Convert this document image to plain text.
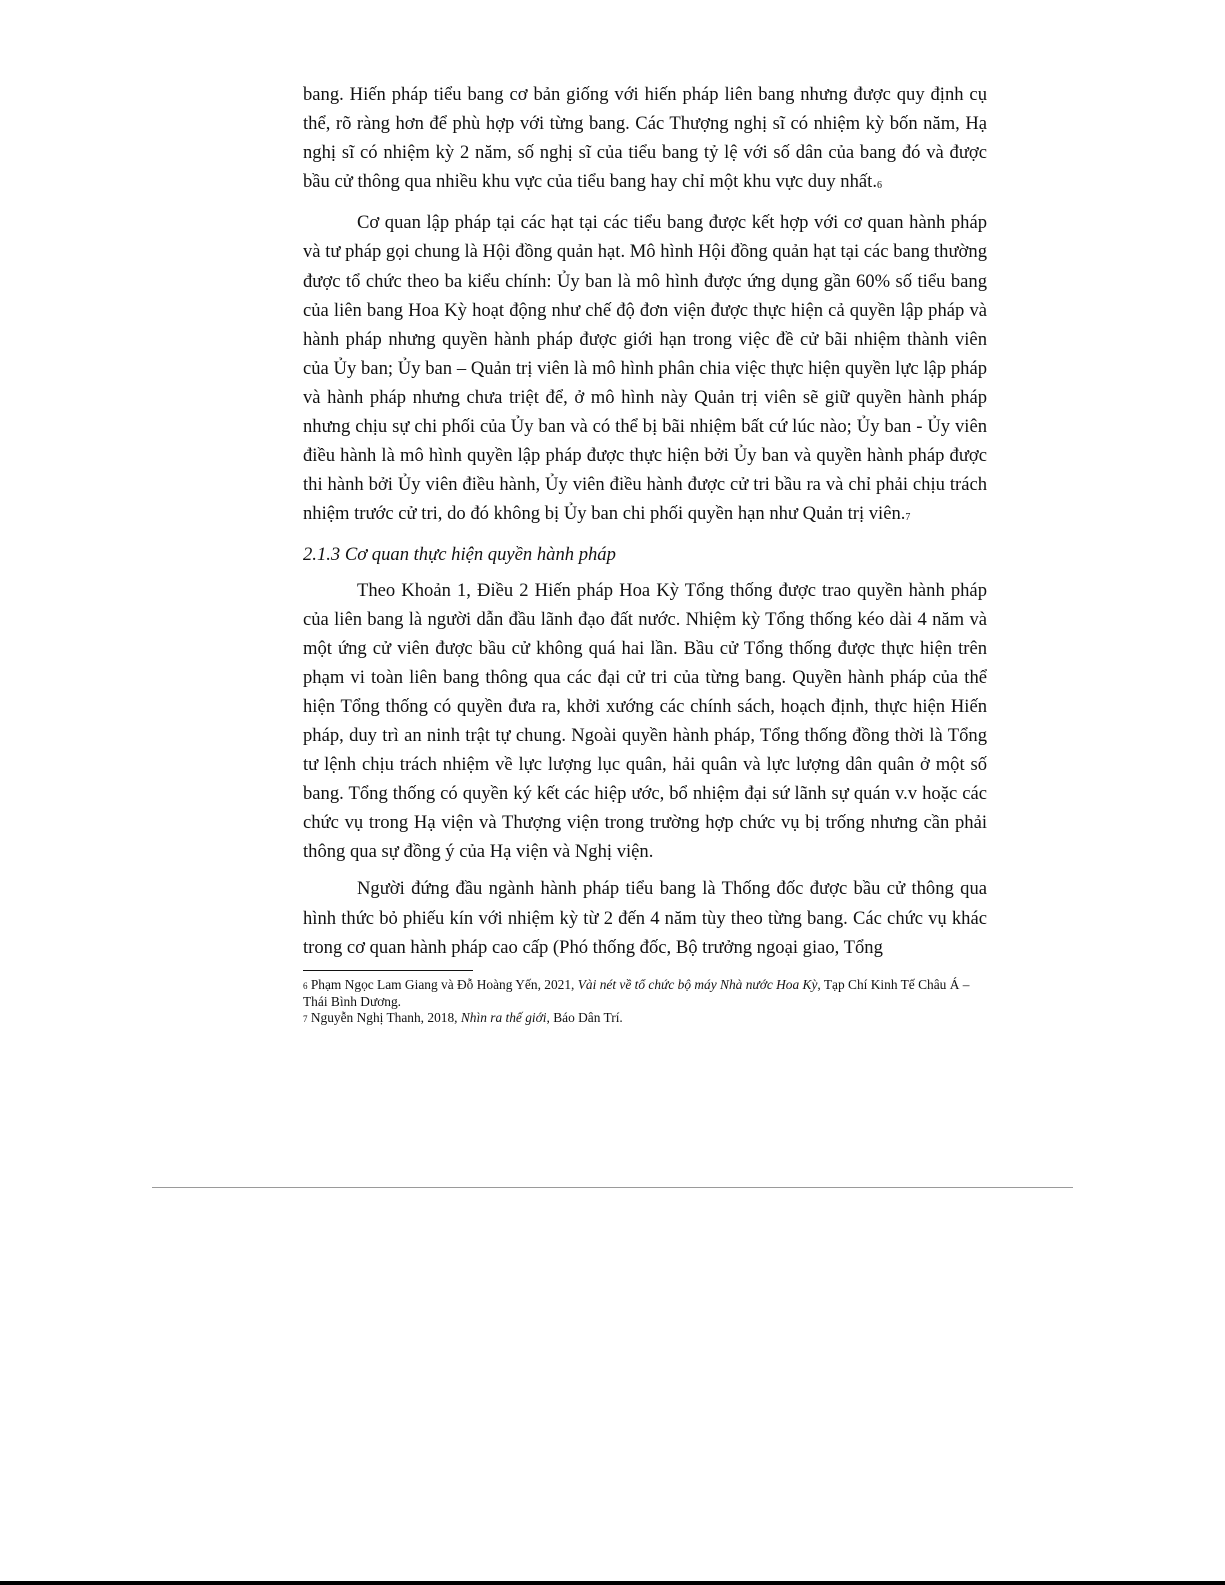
bang. Hiến pháp tiểu bang cơ bản giống với hiến pháp liên bang nhưng được quy định cụ thể, rõ ràng hơn để phù hợp với từng bang. Các Thượng nghị sĩ có nhiệm kỳ bốn năm, Hạ nghị sĩ có nhiệm kỳ 2 năm, số nghị sĩ của tiểu bang tỷ lệ với số dân của bang đó và được bầu cử thông qua nhiều khu vực của tiểu bang hay chỉ một khu vực duy nhất.6

Cơ quan lập pháp tại các hạt tại các tiểu bang được kết hợp với cơ quan hành pháp và tư pháp gọi chung là Hội đồng quản hạt. Mô hình Hội đồng quản hạt tại các bang thường được tổ chức theo ba kiểu chính: Ủy ban là mô hình được ứng dụng gần 60% số tiểu bang của liên bang Hoa Kỳ hoạt động như chế độ đơn viện được thực hiện cả quyền lập pháp và hành pháp nhưng quyền hành pháp được giới hạn trong việc đề cử bãi nhiệm thành viên của Ủy ban; Ủy ban – Quản trị viên là mô hình phân chia việc thực hiện quyền lực lập pháp và hành pháp nhưng chưa triệt để, ở mô hình này Quản trị viên sẽ giữ quyền hành pháp nhưng chịu sự chi phối của Ủy ban và có thể bị bãi nhiệm bất cứ lúc nào; Ủy ban - Ủy viên điều hành là mô hình quyền lập pháp được thực hiện bởi Ủy ban và quyền hành pháp được thi hành bởi Ủy viên điều hành, Ủy viên điều hành được cử tri bầu ra và chỉ phải chịu trách nhiệm trước cử tri, do đó không bị Ủy ban chi phối quyền hạn như Quản trị viên.7

2.1.3 Cơ quan thực hiện quyền hành pháp

Theo Khoản 1, Điều 2 Hiến pháp Hoa Kỳ Tổng thống được trao quyền hành pháp của liên bang là người dẫn đầu lãnh đạo đất nước. Nhiệm kỳ Tổng thống kéo dài 4 năm và một ứng cử viên được bầu cử không quá hai lần. Bầu cử Tổng thống được thực hiện trên phạm vi toàn liên bang thông qua các đại cử tri của từng bang. Quyền hành pháp của thể hiện Tổng thống có quyền đưa ra, khởi xướng các chính sách, hoạch định, thực hiện Hiến pháp, duy trì an ninh trật tự chung. Ngoài quyền hành pháp, Tổng thống đồng thời là Tổng tư lệnh chịu trách nhiệm về lực lượng lục quân, hải quân và lực lượng dân quân ở một số bang. Tổng thống có quyền ký kết các hiệp ước, bổ nhiệm đại sứ lãnh sự quán v.v hoặc các chức vụ trong Hạ viện và Thượng viện trong trường hợp chức vụ bị trống nhưng cần phải thông qua sự đồng ý của Hạ viện và Nghị viện.

Người đứng đầu ngành hành pháp tiểu bang là Thống đốc được bầu cử thông qua hình thức bỏ phiếu kín với nhiệm kỳ từ 2 đến 4 năm tùy theo từng bang. Các chức vụ khác trong cơ quan hành pháp cao cấp (Phó thống đốc, Bộ trưởng ngoại giao, Tổng

6 Phạm Ngọc Lam Giang và Đỗ Hoàng Yến, 2021, Vài nét về tổ chức bộ máy Nhà nước Hoa Kỳ, Tạp Chí Kinh Tế Châu Á – Thái Bình Dương.

7 Nguyễn Nghị Thanh, 2018, Nhìn ra thế giới, Báo Dân Trí.
